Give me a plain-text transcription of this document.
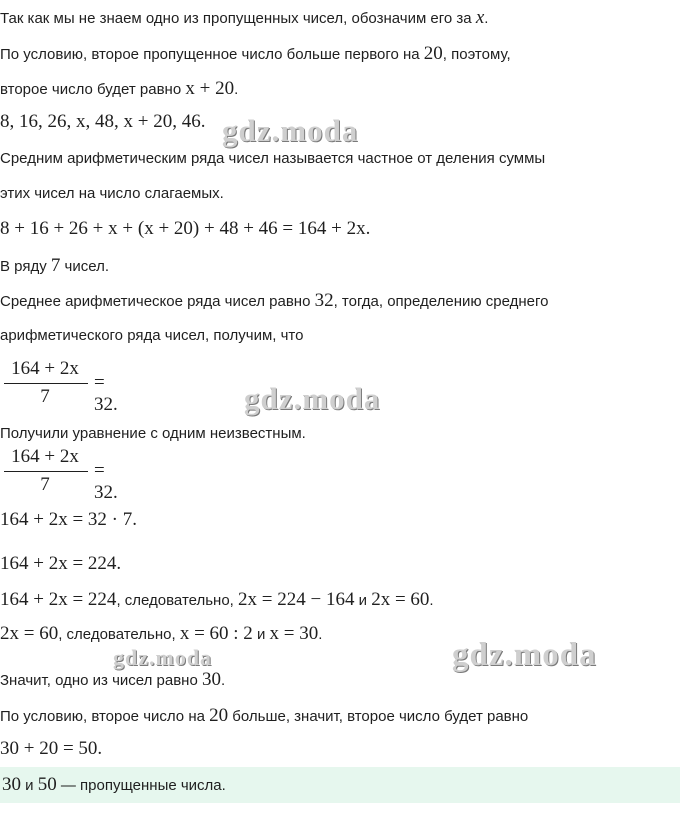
Так как мы не знаем одно из пропущенных чисел, обозначим его за x.
По условию, второе пропущенное число больше первого на 20, поэтому,
второе число будет равно x + 20.
8, 16, 26, x, 48, x + 20, 46.
Средним арифметическим ряда чисел называется частное от деления суммы
этих чисел на число слагаемых.
8 + 16 + 26 + x + (x + 20) + 48 + 46 = 164 + 2x.
В ряду 7 чисел.
Среднее арифметическое ряда чисел равно 32, тогда, определению среднего
арифметического ряда чисел, получим, что
164 + 2x
7
= 32.
Получили уравнение с одним неизвестным.
164 + 2x
7
= 32.
164 + 2x = 32 · 7.
164 + 2x = 224.
164 + 2x = 224, следовательно, 2x = 224 − 164 и 2x = 60.
2x = 60, следовательно, x = 60 : 2 и x = 30.
Значит, одно из чисел равно 30.
По условию, второе число на 20 больше, значит, второе число будет равно
30 + 20 = 50.
30 и 50 — пропущенные числа.
gdz.moda
gdz.moda
gdz.moda	gdz.moda
